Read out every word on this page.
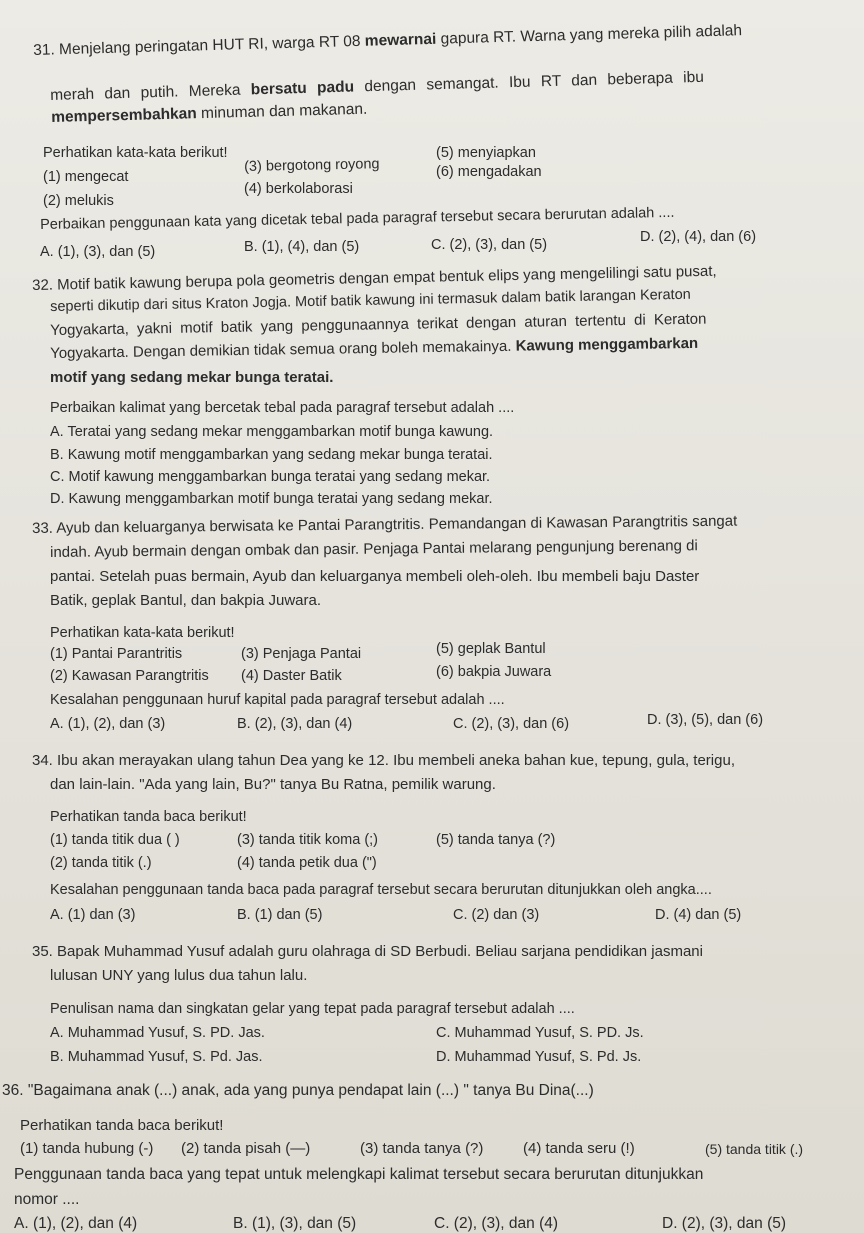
31. Menjelang peringatan HUT RI, warga RT 08 mewarnai gapura RT. Warna yang mereka pilih adalah
merah dan putih. Mereka bersatu padu dengan semangat. Ibu RT dan beberapa ibu
mempersembahkan minuman dan makanan.
Perhatikan kata-kata berikut!
(1) mengecat
(2) melukis
(3) bergotong royong
(4) berkolaborasi
(5) menyiapkan
(6) mengadakan
Perbaikan penggunaan kata yang dicetak tebal pada paragraf tersebut secara berurutan adalah ....
A. (1), (3), dan (5)	B. (1), (4), dan (5)	C. (2), (3), dan (5)	D. (2), (4), dan (6)
32. Motif batik kawung berupa pola geometris dengan empat bentuk elips yang mengelilingi satu pusat,
seperti dikutip dari situs Kraton Jogja. Motif batik kawung ini termasuk dalam batik larangan Keraton
Yogyakarta, yakni motif batik yang penggunaannya terikat dengan aturan tertentu di Keraton
Yogyakarta. Dengan demikian tidak semua orang boleh memakainya. Kawung menggambarkan
motif yang sedang mekar bunga teratai.
Perbaikan kalimat yang bercetak tebal pada paragraf tersebut adalah ....
A. Teratai yang sedang mekar menggambarkan motif bunga kawung.
B. Kawung motif menggambarkan yang sedang mekar bunga teratai.
C. Motif kawung menggambarkan bunga teratai yang sedang mekar.
D. Kawung menggambarkan motif bunga teratai yang sedang mekar.
33. Ayub dan keluarganya berwisata ke Pantai Parangtritis. Pemandangan di Kawasan Parangtritis sangat
indah. Ayub bermain dengan ombak dan pasir. Penjaga Pantai melarang pengunjung berenang di
pantai. Setelah puas bermain, Ayub dan keluarganya membeli oleh-oleh. Ibu membeli baju Daster
Batik, geplak Bantul, dan bakpia Juwara.
Perhatikan kata-kata berikut!
(1) Pantai Parantritis
(2) Kawasan Parangtritis
(3) Penjaga Pantai
(4) Daster Batik
(5) geplak Bantul
(6) bakpia Juwara
Kesalahan penggunaan huruf kapital pada paragraf tersebut adalah ....
A. (1), (2), dan (3)	B. (2), (3), dan (4)	C. (2), (3), dan (6)	D. (3), (5), dan (6)
34. Ibu akan merayakan ulang tahun Dea yang ke 12. Ibu membeli aneka bahan kue, tepung, gula, terigu,
dan lain-lain. "Ada yang lain, Bu?" tanya Bu Ratna, pemilik warung.
Perhatikan tanda baca berikut!
(1) tanda titik dua ( )
(2) tanda titik (.)
(3) tanda titik koma (;)
(4) tanda petik dua (")
(5) tanda tanya (?)
Kesalahan penggunaan tanda baca pada paragraf tersebut secara berurutan ditunjukkan oleh angka....
A. (1) dan (3)	B. (1) dan (5)	C. (2) dan (3)	D. (4) dan (5)
35. Bapak Muhammad Yusuf adalah guru olahraga di SD Berbudi. Beliau sarjana pendidikan jasmani
lulusan UNY yang lulus dua tahun lalu.
Penulisan nama dan singkatan gelar yang tepat pada paragraf tersebut adalah ....
A. Muhammad Yusuf, S. PD. Jas.
B. Muhammad Yusuf, S. Pd. Jas.
C. Muhammad Yusuf, S. PD. Js.
D. Muhammad Yusuf, S. Pd. Js.
36. "Bagaimana anak (...) anak, ada yang punya pendapat lain (...) " tanya Bu Dina(...)
Perhatikan tanda baca berikut!
(1) tanda hubung (-) (2) tanda pisah (—)	(3) tanda tanya (?)	(4) tanda seru (!)	(5) tanda titik (.)
Penggunaan tanda baca yang tepat untuk melengkapi kalimat tersebut secara berurutan ditunjukkan
nomor ....
A. (1), (2), dan (4)	B. (1), (3), dan (5)	C. (2), (3), dan (4)	D. (2), (3), dan (5)
